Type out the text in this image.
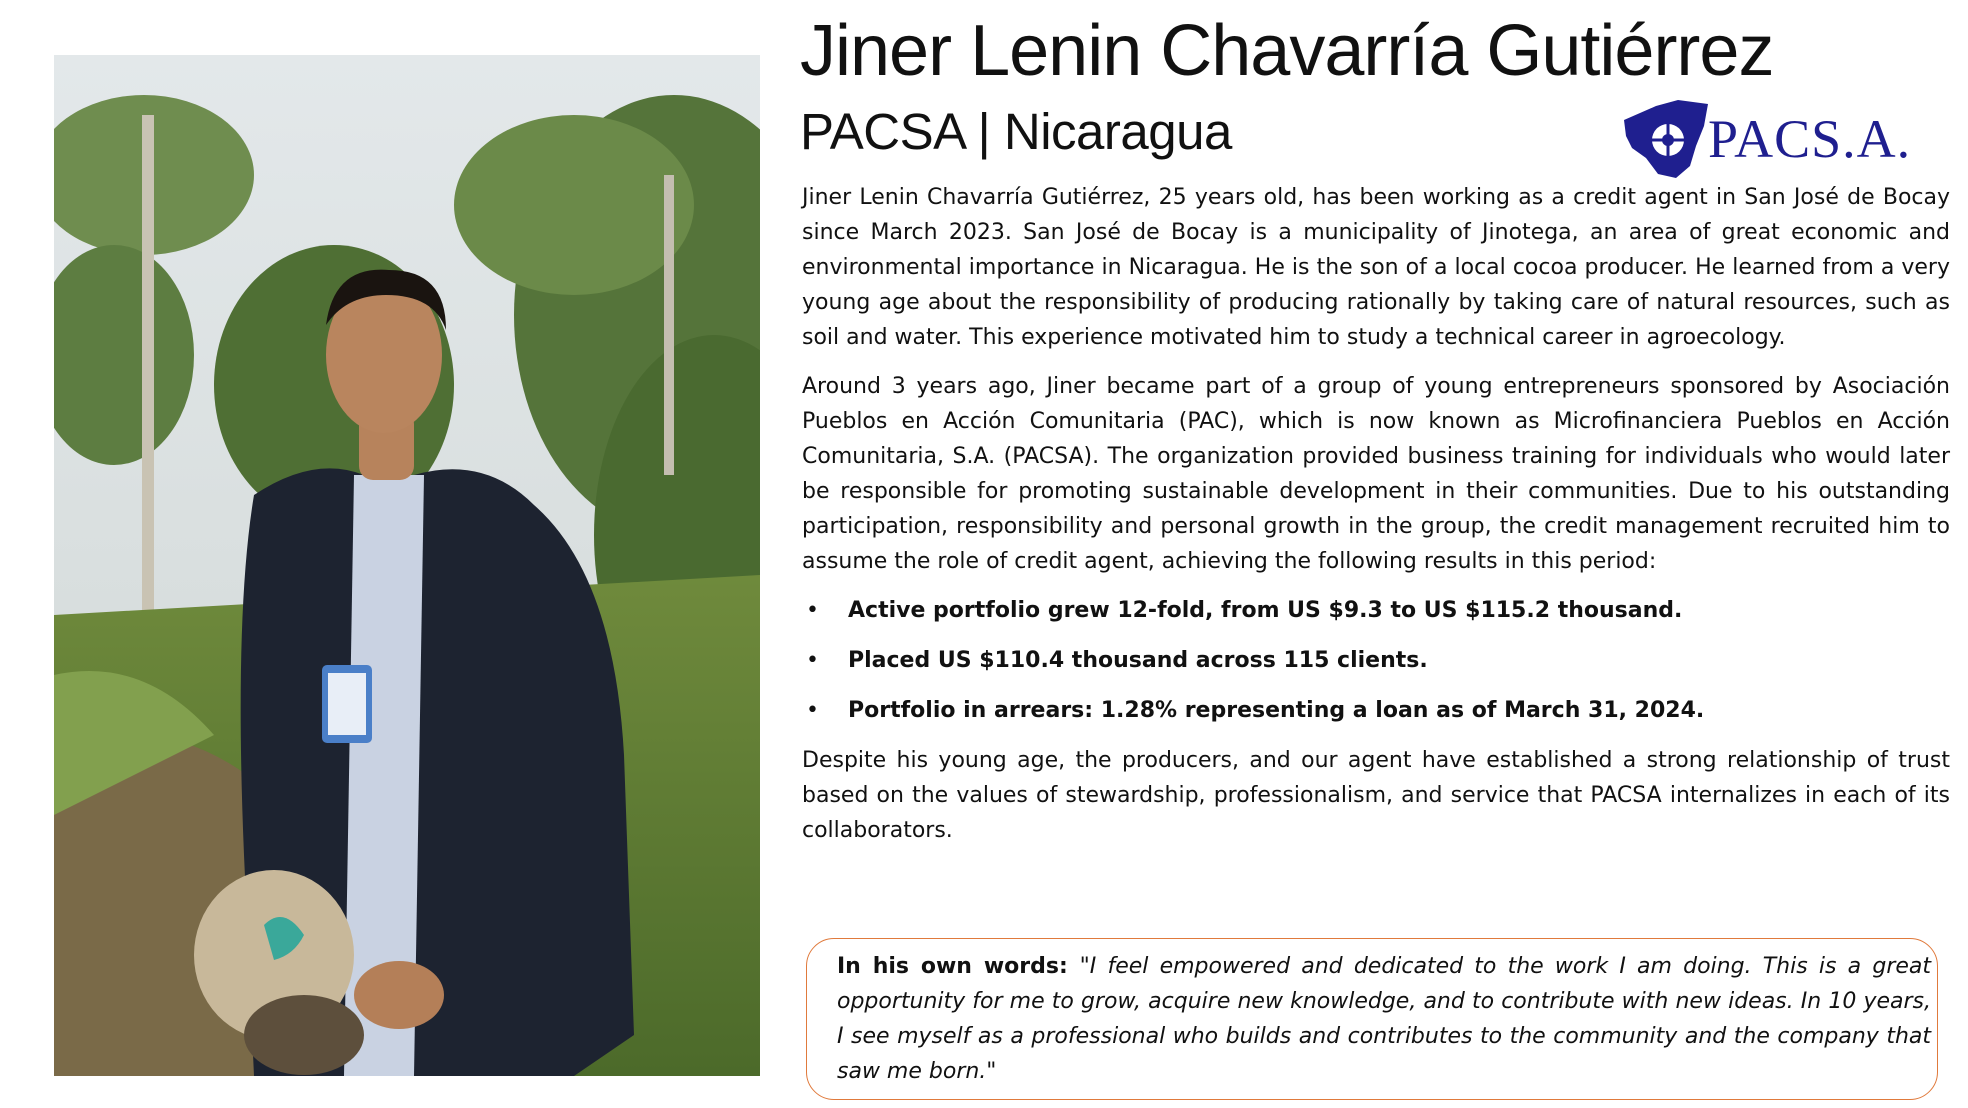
Jiner Lenin Chavarría Gutiérrez
PACSA | Nicaragua	PACS.A.

Jiner Lenin Chavarría Gutiérrez, 25 years old, has been working as a credit agent in San José de Bocay since March 2023. San José de Bocay is a municipality of Jinotega, an area of great economic and environmental importance in Nicaragua. He is the son of a local cocoa producer. He learned from a very young age about the responsibility of producing rationally by taking care of natural resources, such as soil and water. This experience motivated him to study a technical career in agroecology.

Around 3 years ago, Jiner became part of a group of young entrepreneurs sponsored by Asociación Pueblos en Acción Comunitaria (PAC), which is now known as Microfinanciera Pueblos en Acción Comunitaria, S.A. (PACSA). The organization provided business training for individuals who would later be responsible for promoting sustainable development in their communities. Due to his outstanding participation, responsibility and personal growth in the group, the credit management recruited him to assume the role of credit agent, achieving the following results in this period:

• Active portfolio grew 12-fold, from US $9.3 to US $115.2 thousand.
• Placed US $110.4 thousand across 115 clients.
• Portfolio in arrears: 1.28% representing a loan as of March 31, 2024.

Despite his young age, the producers, and our agent have established a strong relationship of trust based on the values of stewardship, professionalism, and service that PACSA internalizes in each of its collaborators.

In his own words: "I feel empowered and dedicated to the work I am doing. This is a great opportunity for me to grow, acquire new knowledge, and to contribute with new ideas. In 10 years, I see myself as a professional who builds and contributes to the community and the company that saw me born."
